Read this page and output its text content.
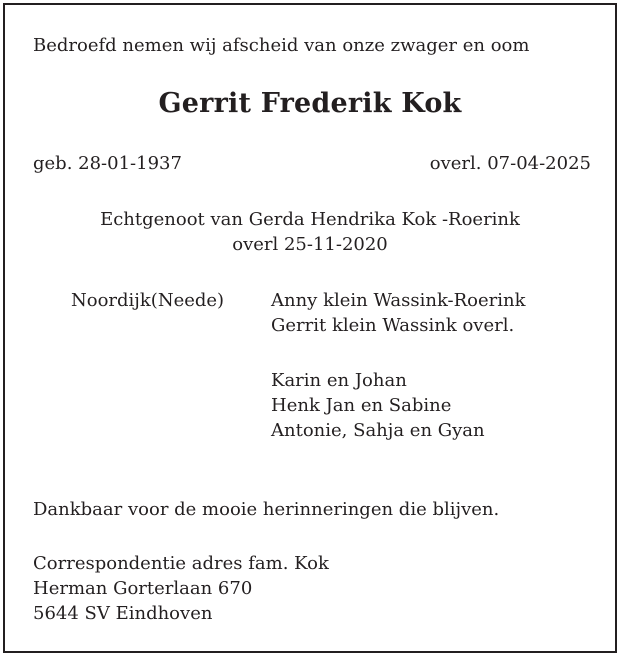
Bedroefd nemen wij afscheid van onze zwager en oom
Gerrit Frederik Kok
geb. 28-01-1937	overl. 07-04-2025
Echtgenoot van Gerda Hendrika Kok -Roerink
overl 25-11-2020
Noordijk(Neede)	Anny klein Wassink-Roerink
Gerrit klein Wassink overl.
Karin en Johan
Henk Jan en Sabine
Antonie, Sahja en Gyan
Dankbaar voor de mooie herinneringen die blijven.
Correspondentie adres fam. Kok
Herman Gorterlaan 670
5644 SV Eindhoven
